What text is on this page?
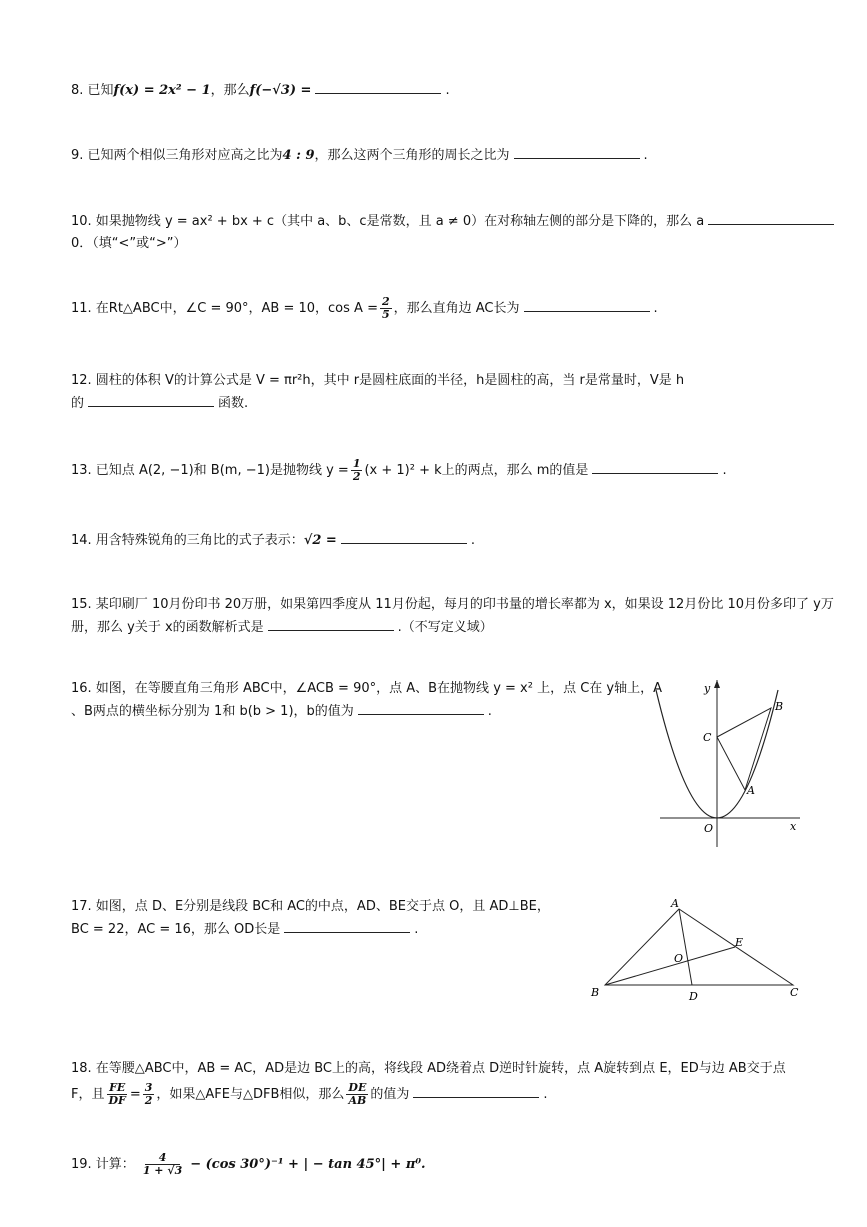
8. 已知f(x) = 2x² − 1，那么f(−√3) =	.
9. 已知两个相似三角形对应高之比为4 : 9，那么这两个三角形的周长之比为	.
10. 如果抛物线 y = ax² + bx + c（其中 a、b、c是常数，且 a ≠ 0）在对称轴左侧的部分是下降的，那么 a
0．（填“<”或“>”）
11. 在Rt△ABC中，∠C = 90°，AB = 10，$\cos A = \frac{2}{5}$ ，那么直角边 AC长为	.
12. 圆柱的体积 V的计算公式是 V = πr²h，其中 r是圆柱底面的半径，h是圆柱的高，当 r是常量时，V是 h
的	函数.
13. 已知点 A(2, −1)和 B(m, −1)是抛物线 $y = \frac{1}{2} (x + 1)^2 + k$上的两点，那么 m的值是	.
14. 用含特殊锐角的三角比的式子表示：√2 =	.
15. 某印刷厂 10月份印书 20万册，如果第四季度从 11月份起，每月的印书量的增长率都为 x，如果设 12月份比 10月份多印了 y万
册，那么 y关于 x的函数解析式是	.（不写定义域）
16. 如图，在等腰直角三角形 ABC中，∠ACB = 90°，点 A、B在抛物线 y = x² 上，点 C在 y轴上，A
、B两点的横坐标分别为 1和 b(b > 1)，b的值为	.
y
x
O
A
B
C
17. 如图，点 D、E分别是线段 BC和 AC的中点，AD、BE交于点 O，且 AD⊥BE，
BC = 22，AC = 16，那么 OD长是	.
A
B	C
D
E
O
18. 在等腰△ABC中，AB = AC，AD是边 BC上的高，将线段 AD绕着点 D逆时针旋转，点 A旋转到点 E，ED与边 AB交于点
F，且 $\frac{FE}{DF} = \frac{3}{2}$ ，如果△AFE与△DFB相似，那么 $\frac{DE}{AB}$ 的值为	.
19. 计算： $\frac{4}{1 + √3} - (\cos$ 30°)⁻¹ + | − tan 45°| + π⁰.
